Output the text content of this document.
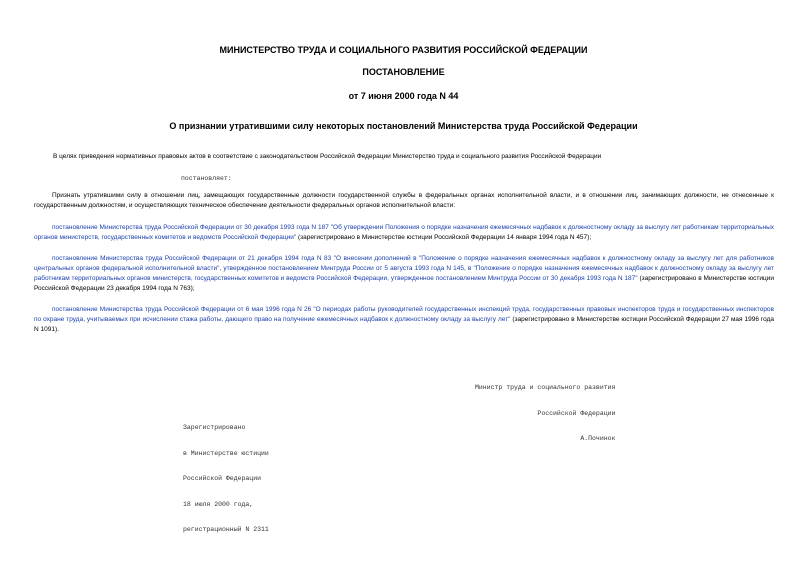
МИНИСТЕРСТВО ТРУДА И СОЦИАЛЬНОГО РАЗВИТИЯ РОССИЙСКОЙ ФЕДЕРАЦИИ
ПОСТАНОВЛЕНИЕ
от 7 июня 2000 года N 44
О признании утратившими силу некоторых постановлений Министерства труда Российской Федерации
В целях приведения нормативных правовых актов в соответствие с законодательством Российской Федерации Министерство труда и социального развития Российской Федерации
постановляет:
Признать утратившими силу в отношении лиц, замещающих государственные должности государственной службы в федеральных органах исполнительной власти, и в отношении лиц, занимающих должности, не отнесенные к государственным должностям, и осуществляющих техническое обеспечение деятельности федеральных органов исполнительной власти:
постановление Министерства труда Российской Федерации от 30 декабря 1993 года N 187 "Об утверждении Положения о порядке назначения ежемесячных надбавок к должностному окладу за выслугу лет работникам территориальных органов министерств, государственных комитетов и ведомств Российской Федерации" (зарегистрировано в Министерстве юстиции Российской Федерации 14 января 1994 года N 457);
постановление Министерства труда Российской Федерации от 21 декабря 1994 года N 83 "О внесении дополнений в "Положение о порядке назначения ежемесячных надбавок к должностному окладу за выслугу лет для работников центральных органов федеральной исполнительной власти", утвержденное постановлением Минтруда России от 5 августа 1993 года N 145, в "Положение о порядке назначения ежемесячных надбавок к должностному окладу за выслугу лет работникам территориальных органов министерств, государственных комитетов и ведомств Российской Федерации, утвержденное постановлением Минтруда России от 30 декабря 1993 года N 187" (зарегистрировано в Министерстве юстиции Российской Федерации 23 декабря 1994 года N 763);
постановление Министерства труда Российской Федерации от 6 мая 1996 года N 26 "О периодах работы руководителей государственных инспекций труда, государственных правовых инспекторов труда и государственных инспекторов по охране труда, учитываемых при исчислении стажа работы, дающего право на получение ежемесячных надбавок к должностному окладу за выслугу лет" (зарегистрировано в Министерстве юстиции Российской Федерации 27 мая 1996 года N 1091).

Министр труда и социального развития

Российской Федерации

А.Починок

Зарегистрировано

в Министерстве юстиции

Российской Федерации

18 июля 2000 года,

регистрационный N 2311
